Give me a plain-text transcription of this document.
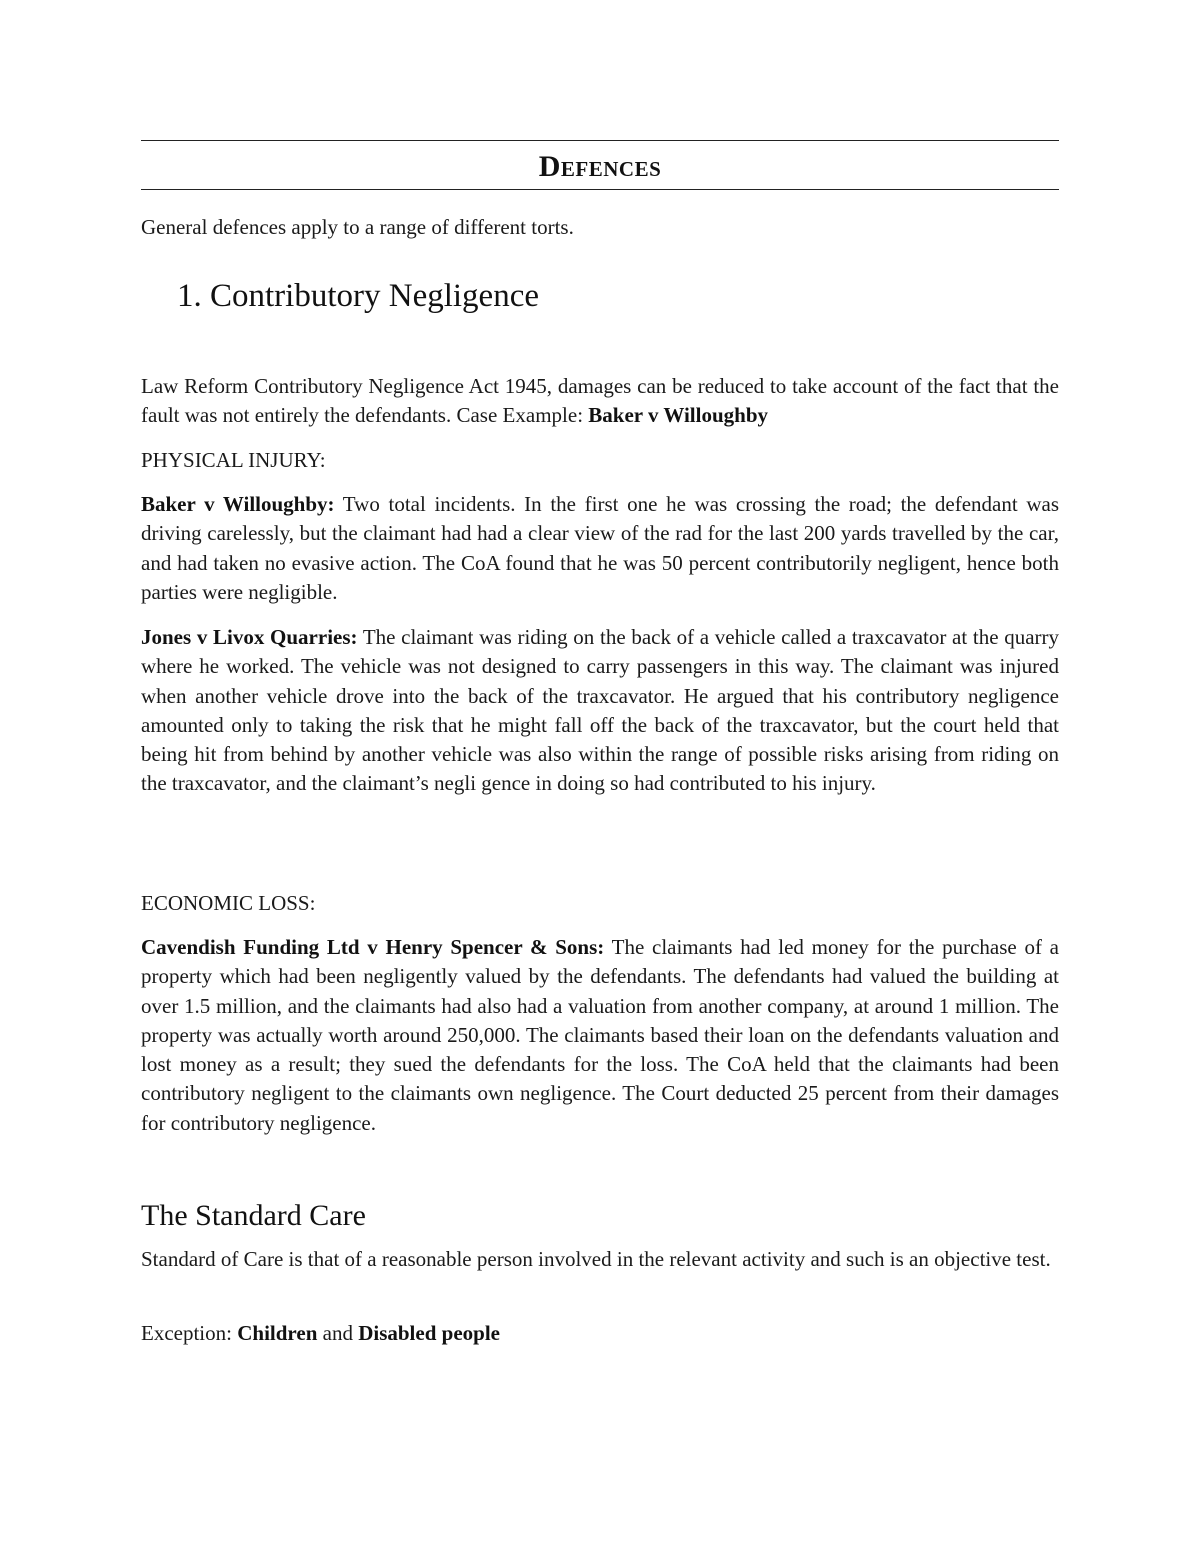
Defences

General defences apply to a range of different torts.

1. Contributory Negligence

Law Reform Contributory Negligence Act 1945, damages can be reduced to take account of the fact that the fault was not entirely the defendants. Case Example: Baker v Willoughby

PHYSICAL INJURY:

Baker v Willoughby: Two total incidents. In the first one he was crossing the road; the defendant was driving carelessly, but the claimant had had a clear view of the rad for the last 200 yards travelled by the car, and had taken no evasive action. The CoA found that he was 50 percent contributorily negligent, hence both parties were negligible.

Jones v Livox Quarries: The claimant was riding on the back of a vehicle called a traxcavator at the quarry where he worked. The vehicle was not designed to carry passengers in this way. The claimant was injured when another vehicle drove into the back of the traxcavator. He argued that his contributory negligence amounted only to taking the risk that he might fall off the back of the traxcavator, but the court held that being hit from behind by another vehicle was also within the range of possible risks arising from riding on the traxcavator, and the claimant’s negli gence in doing so had contributed to his injury.

ECONOMIC LOSS:

Cavendish Funding Ltd v Henry Spencer & Sons: The claimants had led money for the purchase of a property which had been negligently valued by the defendants. The defendants had valued the building at over 1.5 million, and the claimants had also had a valuation from another company, at around 1 million. The property was actually worth around 250,000. The claimants based their loan on the defendants valuation and lost money as a result; they sued the defendants for the loss. The CoA held that the claimants had been contributory negligent to the claimants own negligence. The Court deducted 25 percent from their damages for contributory negligence.

The Standard Care

Standard of Care is that of a reasonable person involved in the relevant activity and such is an objective test.

Exception: Children and Disabled people
